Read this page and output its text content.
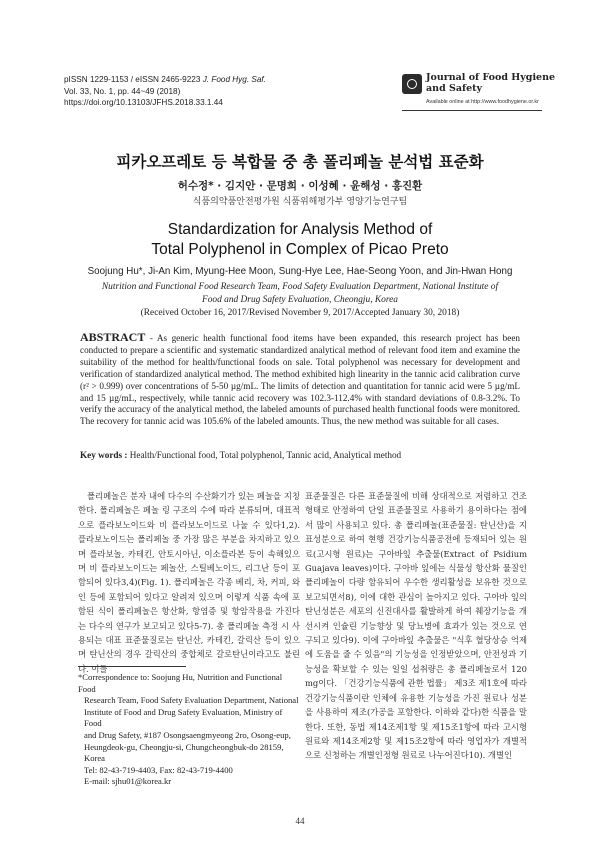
pISSN 1229-1153 / eISSN 2465-9223 J. Food Hyg. Saf.
Vol. 33, No. 1, pp. 44~49 (2018)
https://doi.org/10.13103/JFHS.2018.33.1.44
Journal of Food Hygiene
and Safety
Available online at http://www.foodhygiene.or.kr
피카오프레토 등 복합물 중 총 폴리페놀 분석법 표준화
허수정* · 김지안 · 문명희 · 이성혜 · 윤해성 · 홍진환
식품의약품안전평가원 식품위해평가부 영양기능연구팀
Standardization for Analysis Method of
Total Polyphenol in Complex of Picao Preto
Soojung Hu*, Ji-An Kim, Myung-Hee Moon, Sung-Hye Lee, Hae-Seong Yoon, and Jin-Hwan Hong
Nutrition and Functional Food Research Team, Food Safety Evaluation Department, National Institute of
Food and Drug Safety Evaluation, Cheongju, Korea
(Received October 16, 2017/Revised November 9, 2017/Accepted January 30, 2018)
ABSTRACT - As generic health functional food items have been expanded, this research project has been conducted to prepare a scientific and systematic standardized analytical method of relevant food item and examine the suitability of the method for health/functional foods on sale. Total polyphenol was necessary for development and verification of standardized analytical method. The method exhibited high linearity in the tannic acid calibration curve (r² > 0.999) over concentrations of 5-50 µg/mL. The limits of detection and quantitation for tannic acid were 5 µg/mL and 15 µg/mL, respectively, while tannic acid recovery was 102.3-112.4% with standard deviations of 0.8-3.2%. To verify the accuracy of the analytical method, the labeled amounts of purchased health functional foods were monitored. The recovery for tannic acid was 105.6% of the labeled amounts. Thus, the new method was suitable for all cases.
Key words : Health/Functional food, Total polyphenol, Tannic acid, Analytical method

폴리페놀은 분자 내에 다수의 수산화기가 있는 페놀을 지칭한다. 폴리페놀은 페놀 링 구조의 수에 따라 분류되며, 대표적으로 플라보노이드와 비 플라보노이드로 나눌 수 있다1,2). 플라보노이드는 폴리페놀 중 가장 많은 부분을 차지하고 있으며 플라보놀, 카테킨, 안토시아닌, 이소플라본 등이 속해있으며 비 플라보노이드는 페놀산, 스틸베노이드, 리그난 등이 포함되어 있다3,4)(Fig. 1). 폴리페놀은 각종 베리, 차, 커피, 와인 등에 포함되어 있다고 알려져 있으며 이렇게 식품 속에 포함된 식이 폴리페놀은 항산화, 항염증 및 항암작용을 가진다는 다수의 연구가 보고되고 있다5-7). 총 폴리페놀 측정 시 사용되는 대표 표준물질로는 탄닌산, 카테킨, 갈릭산 등이 있으며 탄닌산의 경우 갈릭산의 중합체로 갈로탄닌이라고도 불린다. 이들

표준물질은 다른 표준물질에 비해 상대적으로 저렴하고 건조 형태로 안정하여 단일 표준물질로 사용하기 용이하다는 점에서 많이 사용되고 있다. 총 폴리페놀(표준물질: 탄닌산)을 지표성분으로 하여 현행 건강기능식품공전에 등재되어 있는 원료(고시형 원료)는 구아바잎 추출물(Extract of Psidium Guajava leaves)이다. 구아바 잎에는 식물성 항산화 물질인 폴리페놀이 다량 함유되어 우수한 생리활성을 보유한 것으로 보고되면서8), 이에 대한 관심이 높아지고 있다. 구아바 잎의 탄닌성분은 세포의 신진대사를 활발하게 하여 췌장기능을 개선시켜 인슐린 기능향상 및 당뇨병에 효과가 있는 것으로 연구되고 있다9). 이에 구아바잎 추출물은 "식후 혈당상승 억제에 도움을 줄 수 있음"의 기능성을 인정받았으며, 안전성과 기능성을 확보할 수 있는 일일 섭취량은 총 폴리페놀로서 120 mg이다. 「건강기능식품에 관한 법률」 제3조 제1호에 따라 건강기능식품이란 인체에 유용한 기능성을 가진 원료나 성분을 사용하여 제조(가공을 포함한다. 이하와 같다)한 식품을 말한다. 또한, 동법 제14조제1항 및 제15조1항에 따라 고시형 원료와 제14조제2항 및 제15조2항에 따라 영업자가 개별적으로 신청하는 개별인정형 원료로 나누어진다10). 개별인

*Correspondence to: Soojung Hu, Nutrition and Functional Food
Research Team, Food Safety Evaluation Department, National
Institute of Food and Drug Safety Evaluation, Ministry of Food
and Drug Safety, #187 Osongsaengmyeong 2ro, Osong-eup,
Heungdeok-gu, Cheongju-si, Chungcheongbuk-do 28159, Korea
Tel: 82-43-719-4403, Fax: 82-43-719-4400
E-mail: sjhu01@korea.kr
44
